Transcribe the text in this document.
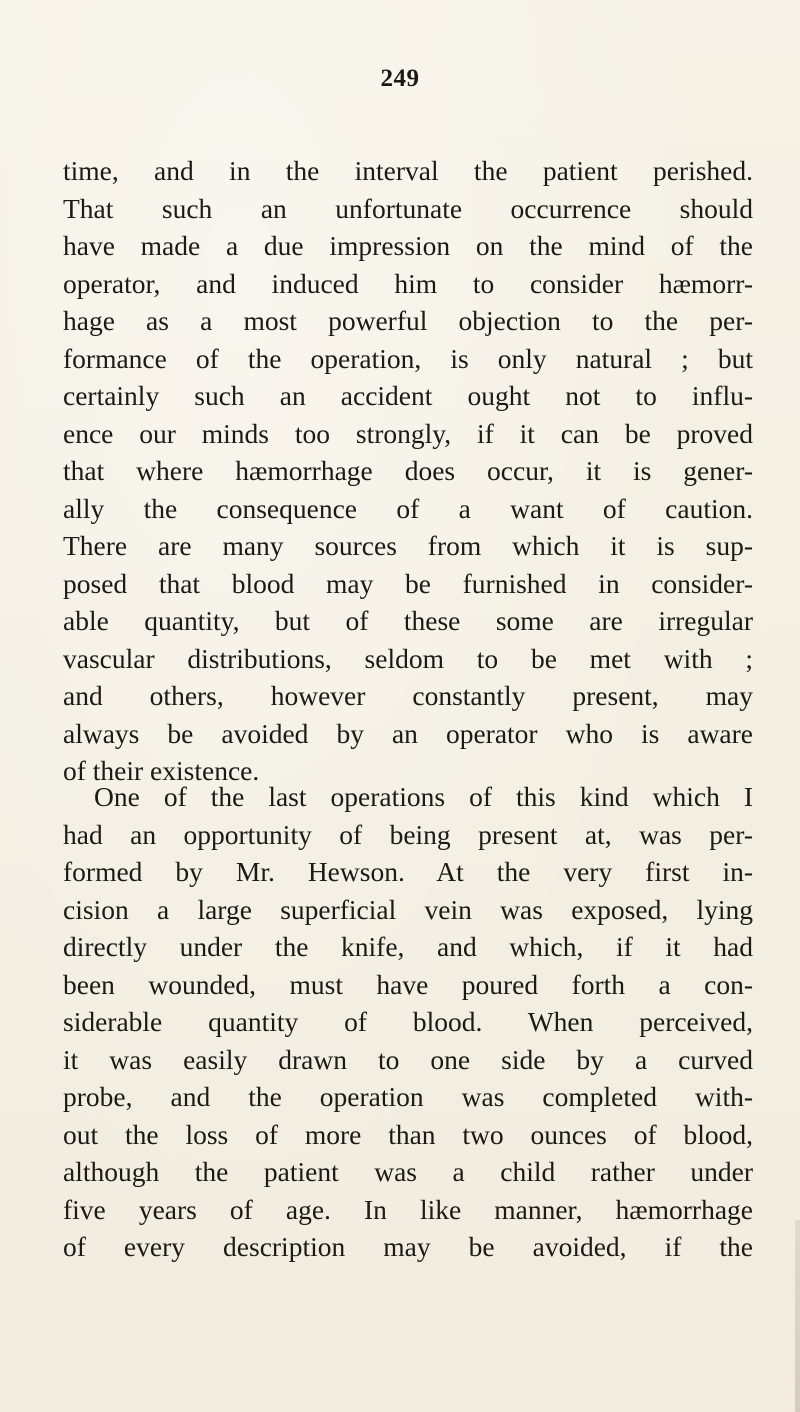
249
time, and in the interval the patient perished.
That such an unfortunate occurrence should
have made a due impression on the mind of the
operator, and induced him to consider hæmorr-
hage as a most powerful objection to the per-
formance of the operation, is only natural ; but
certainly such an accident ought not to influ-
ence our minds too strongly, if it can be proved
that where hæmorrhage does occur, it is gener-
ally the consequence of a want of caution.
There are many sources from which it is sup-
posed that blood may be furnished in consider-
able quantity, but of these some are irregular
vascular distributions, seldom to be met with ;
and others, however constantly present, may
always be avoided by an operator who is aware
of their existence.
One of the last operations of this kind which I
had an opportunity of being present at, was per-
formed by Mr. Hewson. At the very first in-
cision a large superficial vein was exposed, lying
directly under the knife, and which, if it had
been wounded, must have poured forth a con-
siderable quantity of blood. When perceived,
it was easily drawn to one side by a curved
probe, and the operation was completed with-
out the loss of more than two ounces of blood,
although the patient was a child rather under
five years of age. In like manner, hæmorrhage
of every description may be avoided, if the
